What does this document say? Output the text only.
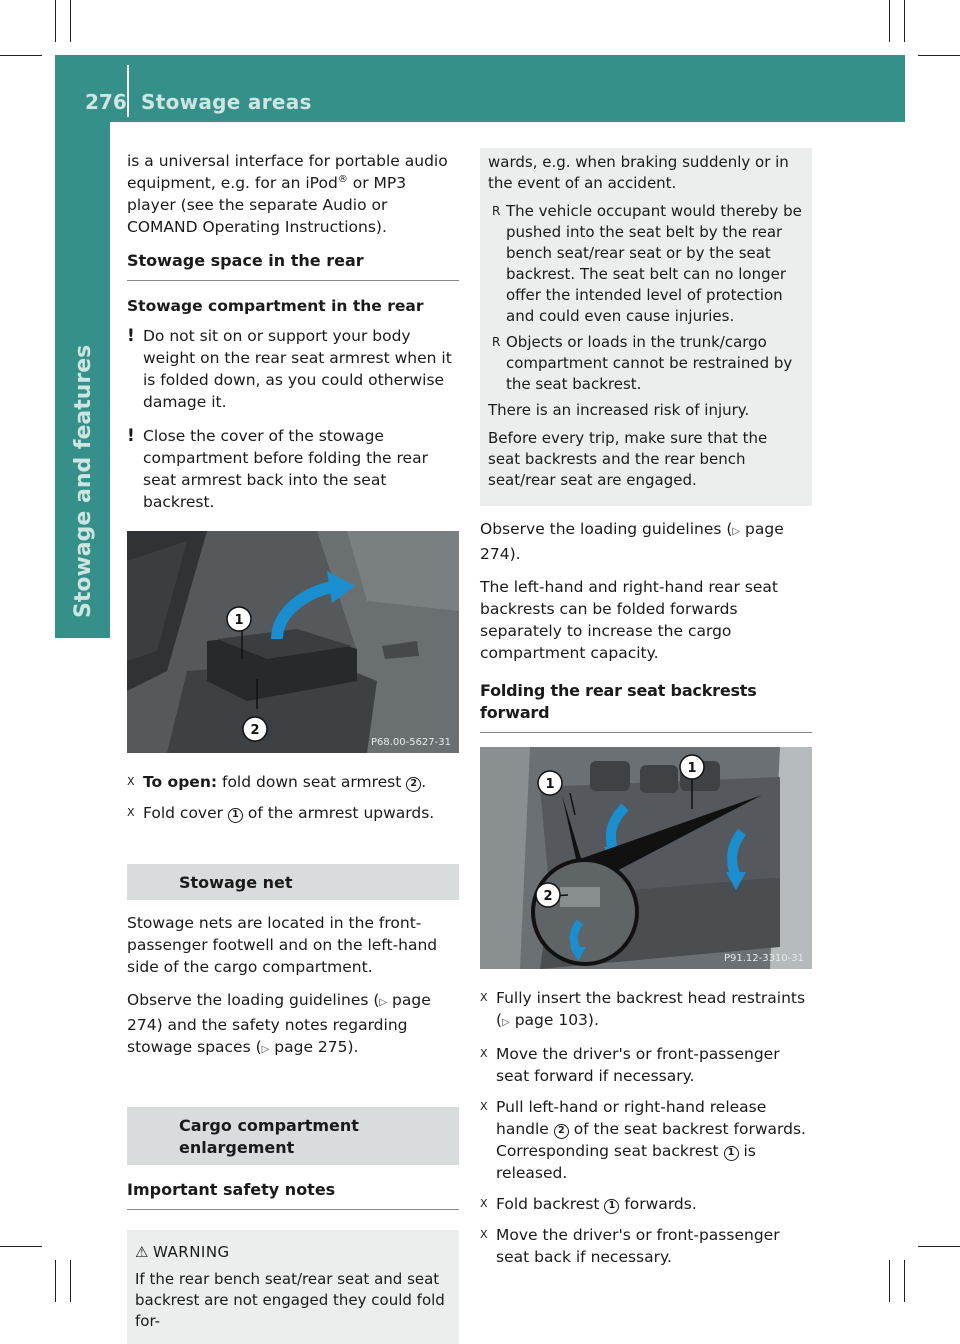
276 Stowage areas
Stowage and features

is a universal interface for portable audio equipment, e.g. for an iPod® or MP3 player (see the separate Audio or COMAND Operating Instructions).

Stowage space in the rear
Stowage compartment in the rear
! Do not sit on or support your body weight on the rear seat armrest when it is folded down, as you could otherwise damage it.
! Close the cover of the stowage compartment before folding the rear seat armrest back into the seat backrest.
1
2
P68.00-5627-31
X To open: fold down seat armrest 2 .
X Fold cover 1 of the armrest upwards.
Stowage net

Stowage nets are located in the front-passenger footwell and on the left-hand side of the cargo compartment.

Observe the loading guidelines (▷ page 274) and the safety notes regarding stowage spaces (▷ page 275).

Cargo compartment enlargement
Important safety notes
⚠ WARNING
If the rear bench seat/rear seat and seat backrest are not engaged they could fold for-

wards, e.g. when braking suddenly or in the event of an accident.

R The vehicle occupant would thereby be pushed into the seat belt by the rear bench seat/rear seat or by the seat backrest. The seat belt can no longer offer the intended level of protection and could even cause injuries.
R Objects or loads in the trunk/cargo compartment cannot be restrained by the seat backrest.

There is an increased risk of injury.

Before every trip, make sure that the seat backrests and the rear bench seat/rear seat are engaged.

Observe the loading guidelines (▷ page 274).

The left-hand and right-hand rear seat backrests can be folded forwards separately to increase the cargo compartment capacity.

Folding the rear seat backrests forward
1
1
2
P91.12-3310-31
X Fully insert the backrest head restraints (▷ page 103).
X Move the driver's or front-passenger seat forward if necessary.
X Pull left-hand or right-hand release handle 2 of the seat backrest forwards. Corresponding seat backrest 1 is released.
X Fold backrest 1 forwards.
X Move the driver's or front-passenger seat back if necessary.
